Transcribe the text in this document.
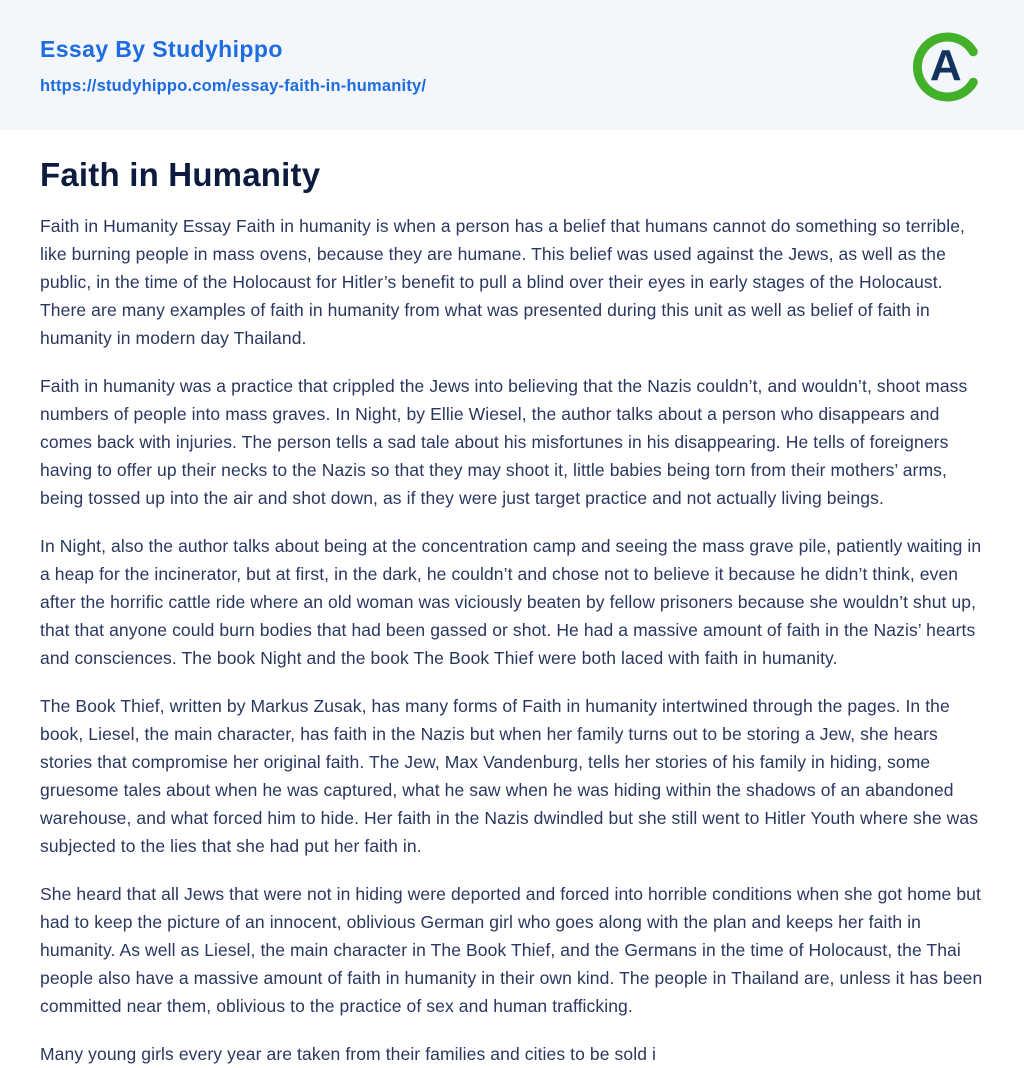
Essay By Studyhippo
https://studyhippo.com/essay-faith-in-humanity/	A
Faith in Humanity

Faith in Humanity Essay Faith in humanity is when a person has a belief that humans cannot do something so terrible, like burning people in mass ovens, because they are humane. This belief was used against the Jews, as well as the public, in the time of the Holocaust for Hitler’s benefit to pull a blind over their eyes in early stages of the Holocaust. There are many examples of faith in humanity from what was presented during this unit as well as belief of faith in humanity in modern day Thailand.

Faith in humanity was a practice that crippled the Jews into believing that the Nazis couldn’t, and wouldn’t, shoot mass numbers of people into mass graves. In Night, by Ellie Wiesel, the author talks about a person who disappears and comes back with injuries. The person tells a sad tale about his misfortunes in his disappearing. He tells of foreigners having to offer up their necks to the Nazis so that they may shoot it, little babies being torn from their mothers’ arms, being tossed up into the air and shot down, as if they were just target practice and not actually living beings.

In Night, also the author talks about being at the concentration camp and seeing the mass grave pile, patiently waiting in a heap for the incinerator, but at first, in the dark, he couldn’t and chose not to believe it because he didn’t think, even after the horrific cattle ride where an old woman was viciously beaten by fellow prisoners because she wouldn’t shut up, that that anyone could burn bodies that had been gassed or shot. He had a massive amount of faith in the Nazis’ hearts and consciences. The book Night and the book The Book Thief were both laced with faith in humanity.

The Book Thief, written by Markus Zusak, has many forms of Faith in humanity intertwined through the pages. In the book, Liesel, the main character, has faith in the Nazis but when her family turns out to be storing a Jew, she hears stories that compromise her original faith. The Jew, Max Vandenburg, tells her stories of his family in hiding, some gruesome tales about when he was captured, what he saw when he was hiding within the shadows of an abandoned warehouse, and what forced him to hide. Her faith in the Nazis dwindled but she still went to Hitler Youth where she was subjected to the lies that she had put her faith in.

She heard that all Jews that were not in hiding were deported and forced into horrible conditions when she got home but had to keep the picture of an innocent, oblivious German girl who goes along with the plan and keeps her faith in humanity. As well as Liesel, the main character in The Book Thief, and the Germans in the time of Holocaust, the Thai people also have a massive amount of faith in humanity in their own kind. The people in Thailand are, unless it has been committed near them, oblivious to the practice of sex and human trafficking.

Many young girls every year are taken from their families and cities to be sold i
